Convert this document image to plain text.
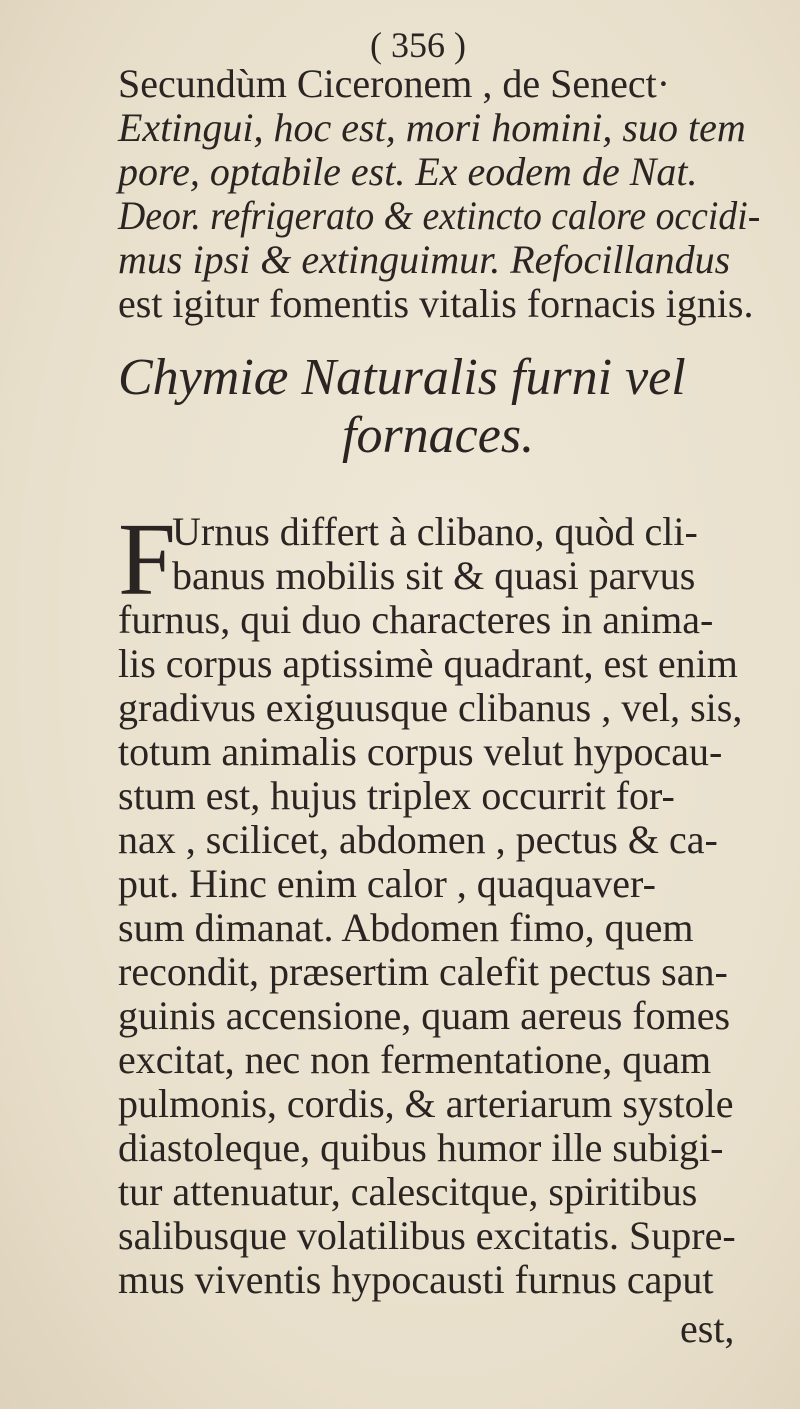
( 356 )
Secundùm Ciceronem , de Senect·
Extingui, hoc est, mori homini, suo tem
pore, optabile est. Ex eodem de Nat.
Deor. refrigerato & extincto calore occidi-
mus ipsi & extinguimur. Refocillandus
est igitur fomentis vitalis fornacis ignis.
Chymiæ Naturalis furni vel
fornaces.
F
Urnus differt à clibano, quòd cli-
banus mobilis sit & quasi parvus
furnus, qui duo characteres in anima-
lis corpus aptissimè quadrant, est enim
gradivus exiguusque clibanus , vel, sis,
totum animalis corpus velut hypocau-
stum est, hujus triplex occurrit for-
nax , scilicet, abdomen , pectus & ca-
put. Hinc enim calor , quaquaver-
sum dimanat. Abdomen fimo, quem
recondit, præsertim calefit pectus san-
guinis accensione, quam aereus fomes
excitat, nec non fermentatione, quam
pulmonis, cordis, & arteriarum systole
diastoleque, quibus humor ille subigi-
tur attenuatur, calescitque, spiritibus
salibusque volatilibus excitatis. Supre-
mus viventis hypocausti furnus caput
est,
